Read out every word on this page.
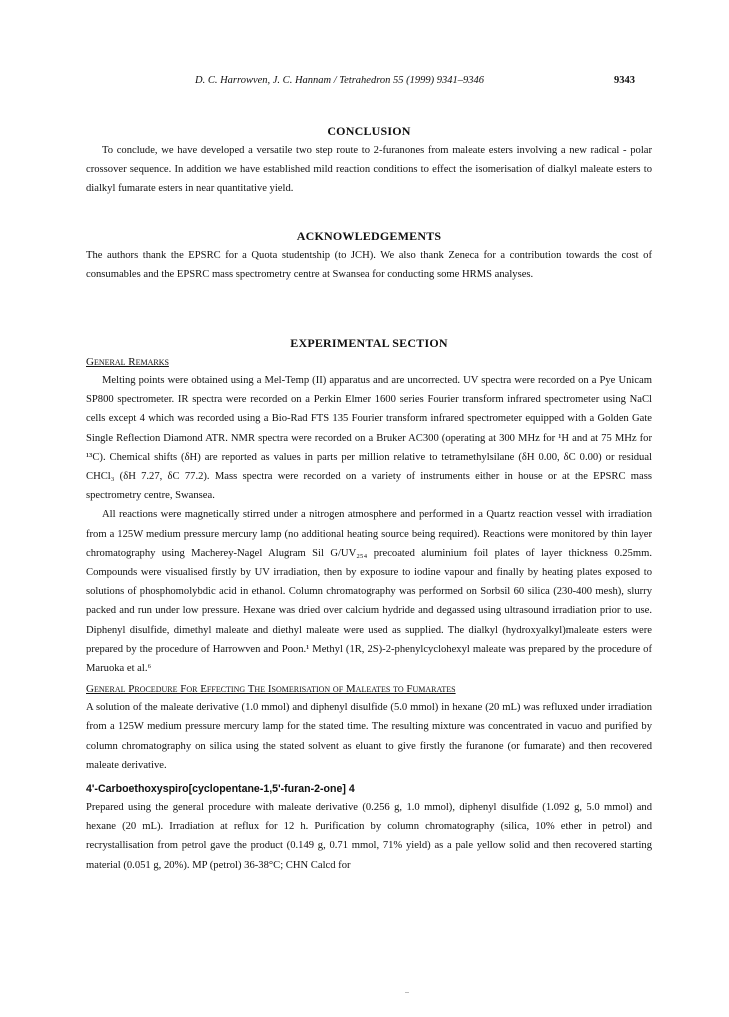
D. C. Harrowven, J. C. Hannam / Tetrahedron 55 (1999) 9341–9346	9343
CONCLUSION

To conclude, we have developed a versatile two step route to 2-furanones from maleate esters involving a new radical - polar crossover sequence. In addition we have established mild reaction conditions to effect the isomerisation of dialkyl maleate esters to dialkyl fumarate esters in near quantitative yield.

ACKNOWLEDGEMENTS

The authors thank the EPSRC for a Quota studentship (to JCH). We also thank Zeneca for a contribution towards the cost of consumables and the EPSRC mass spectrometry centre at Swansea for conducting some HRMS analyses.

EXPERIMENTAL SECTION

General Remarks

Melting points were obtained using a Mel-Temp (II) apparatus and are uncorrected. UV spectra were recorded on a Pye Unicam SP800 spectrometer. IR spectra were recorded on a Perkin Elmer 1600 series Fourier transform infrared spectrometer using NaCl cells except 4 which was recorded using a Bio-Rad FTS 135 Fourier transform infrared spectrometer equipped with a Golden Gate Single Reflection Diamond ATR. NMR spectra were recorded on a Bruker AC300 (operating at 300 MHz for ¹H and at 75 MHz for ¹³C). Chemical shifts (δH) are reported as values in parts per million relative to tetramethylsilane (δH 0.00, δC 0.00) or residual CHCl₃ (δH 7.27, δC 77.2). Mass spectra were recorded on a variety of instruments either in house or at the EPSRC mass spectrometry centre, Swansea.

All reactions were magnetically stirred under a nitrogen atmosphere and performed in a Quartz reaction vessel with irradiation from a 125W medium pressure mercury lamp (no additional heating source being required). Reactions were monitored by thin layer chromatography using Macherey-Nagel Alugram Sil G/UV₂₅₄ precoated aluminium foil plates of layer thickness 0.25mm. Compounds were visualised firstly by UV irradiation, then by exposure to iodine vapour and finally by heating plates exposed to solutions of phosphomolybdic acid in ethanol. Column chromatography was performed on Sorbsil 60 silica (230-400 mesh), slurry packed and run under low pressure. Hexane was dried over calcium hydride and degassed using ultrasound irradiation prior to use. Diphenyl disulfide, dimethyl maleate and diethyl maleate were used as supplied. The dialkyl (hydroxyalkyl)maleate esters were prepared by the procedure of Harrowven and Poon.¹ Methyl (1R, 2S)-2-phenylcyclohexyl maleate was prepared by the procedure of Maruoka et al.⁶

General Procedure For Effecting The Isomerisation of Maleates to Fumarates

A solution of the maleate derivative (1.0 mmol) and diphenyl disulfide (5.0 mmol) in hexane (20 mL) was refluxed under irradiation from a 125W medium pressure mercury lamp for the stated time. The resulting mixture was concentrated in vacuo and purified by column chromatography on silica using the stated solvent as eluant to give firstly the furanone (or fumarate) and then recovered maleate derivative.

4'-Carboethoxyspiro[cyclopentane-1,5'-furan-2-one] 4

Prepared using the general procedure with maleate derivative (0.256 g, 1.0 mmol), diphenyl disulfide (1.092 g, 5.0 mmol) and hexane (20 mL). Irradiation at reflux for 12 h. Purification by column chromatography (silica, 10% ether in petrol) and recrystallisation from petrol gave the product (0.149 g, 0.71 mmol, 71% yield) as a pale yellow solid and then recovered starting material (0.051 g, 20%). MP (petrol) 36-38°C; CHN Calcd for
